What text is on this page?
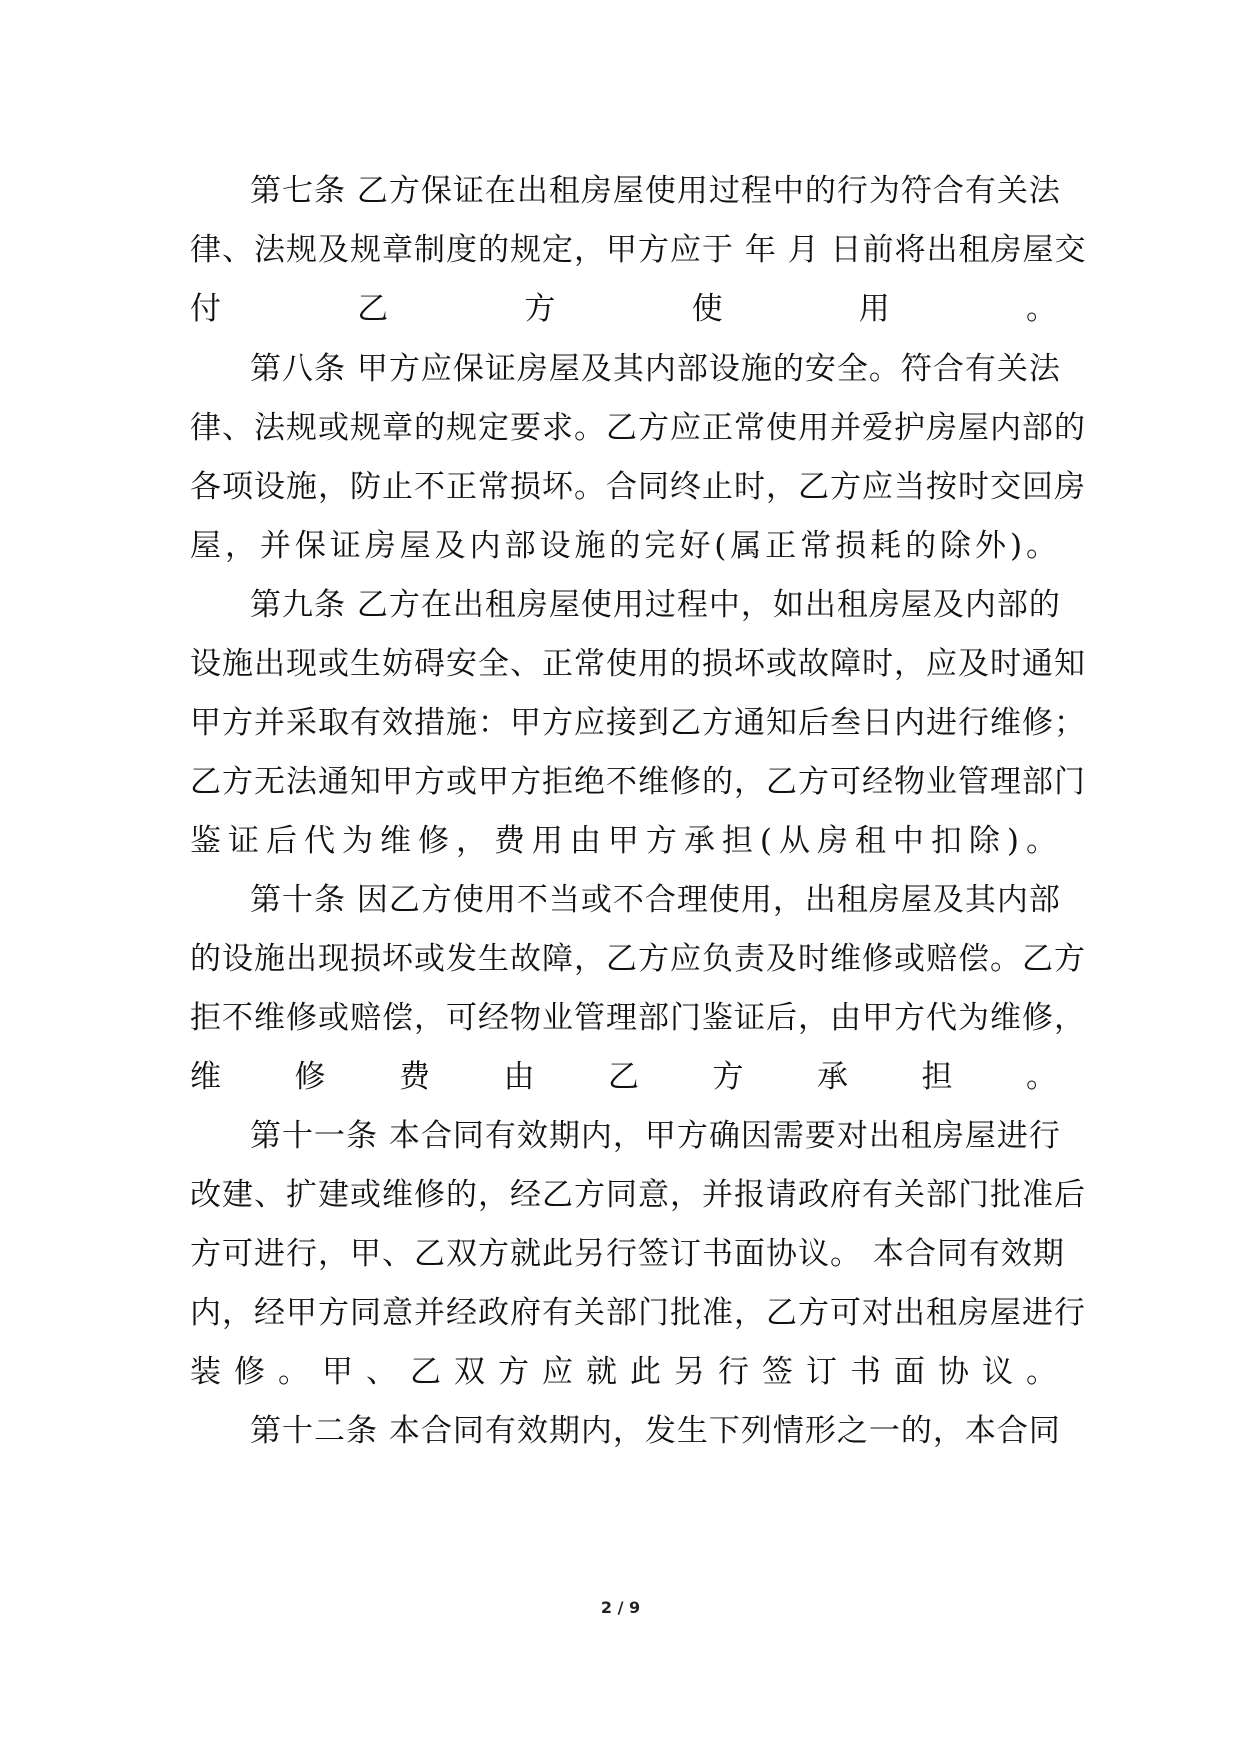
第七条 乙方保证在出租房屋使用过程中的行为符合有关法
律、法规及规章制度的规定，甲方应于 年 月 日前将出租房屋交
付乙方使用。
第八条 甲方应保证房屋及其内部设施的安全。符合有关法
律、法规或规章的规定要求。乙方应正常使用并爱护房屋内部的
各项设施，防止不正常损坏。合同终止时，乙方应当按时交回房
屋，并保证房屋及内部设施的完好(属正常损耗的除外)。
第九条 乙方在出租房屋使用过程中，如出租房屋及内部的
设施出现或生妨碍安全、正常使用的损坏或故障时，应及时通知
甲方并采取有效措施：甲方应接到乙方通知后叁日内进行维修；
乙方无法通知甲方或甲方拒绝不维修的，乙方可经物业管理部门
鉴证后代为维修，费用由甲方承担(从房租中扣除)。
第十条 因乙方使用不当或不合理使用，出租房屋及其内部
的设施出现损坏或发生故障，乙方应负责及时维修或赔偿。乙方
拒不维修或赔偿，可经物业管理部门鉴证后，由甲方代为维修，
维修费由乙方承担。
第十一条 本合同有效期内，甲方确因需要对出租房屋进行
改建、扩建或维修的，经乙方同意，并报请政府有关部门批准后
方可进行，甲、乙双方就此另行签订书面协议。 本合同有效期
内，经甲方同意并经政府有关部门批准，乙方可对出租房屋进行
装修。甲、乙双方应就此另行签订书面协议。
第十二条 本合同有效期内，发生下列情形之一的，本合同
2 / 9
